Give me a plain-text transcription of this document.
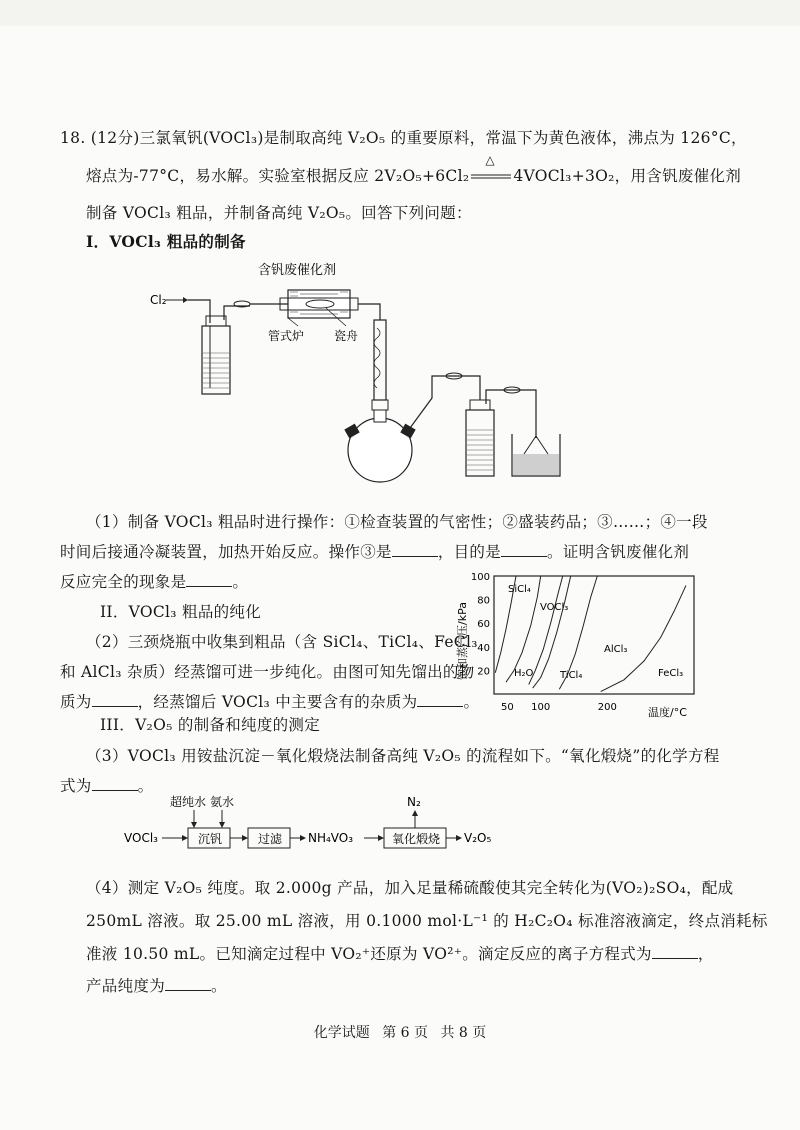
18. (12分)三氯氧钒(VOCl₃)是制取高纯 V₂O₅ 的重要原料，常温下为黄色液体，沸点为 126°C，
熔点为-77°C，易水解。实验室根据反应 2V₂O₅+6Cl₂
△
4VOCl₃+3O₂，用含钒废催化剂
制备 VOCl₃ 粗品，并制备高纯 V₂O₅。回答下列问题：
I．VOCl₃ 粗品的制备
含钒废催化剂
Cl₂
管式炉 瓷舟
（1）制备 VOCl₃ 粗品时进行操作：①检查装置的气密性；②盛装药品；③……；④一段
时间后接通冷凝装置，加热开始反应。操作③是	，目的是	。证明含钒废催化剂
反应完全的现象是	。
II．VOCl₃ 粗品的纯化
（2）三颈烧瓶中收集到粗品（含 SiCl₄、TiCl₄、FeCl₃
和 AlCl₃ 杂质）经蒸馏可进一步纯化。由图可知先馏出的物
质为	，经蒸馏后 VOCl₃ 中主要含有的杂质为	。
饱和蒸汽压/kPa
温度/°C
20
40
60
80
100
50 100	200
SiCl₄
VOCl₃
H₂O	TiCl₄
AlCl₃
FeCl₃
III．V₂O₅ 的制备和纯度的测定
（3）VOCl₃ 用铵盐沉淀－氧化煅烧法制备高纯 V₂O₅ 的流程如下。“氧化煅烧”的化学方程
式为	。
超纯水 氨水
VOCl₃	沉钒	过滤 NH₄VO₃	氧化煅烧
N₂
V₂O₅
（4）测定 V₂O₅ 纯度。取 2.000g 产品，加入足量稀硫酸使其完全转化为(VO₂)₂SO₄，配成
250mL 溶液。取 25.00 mL 溶液，用 0.1000 mol·L⁻¹ 的 H₂C₂O₄ 标准溶液滴定，终点消耗标
准液 10.50 mL。已知滴定过程中 VO₂⁺还原为 VO²⁺。滴定反应的离子方程式为	，
产品纯度为	。
化学试题 第 6 页 共 8 页
